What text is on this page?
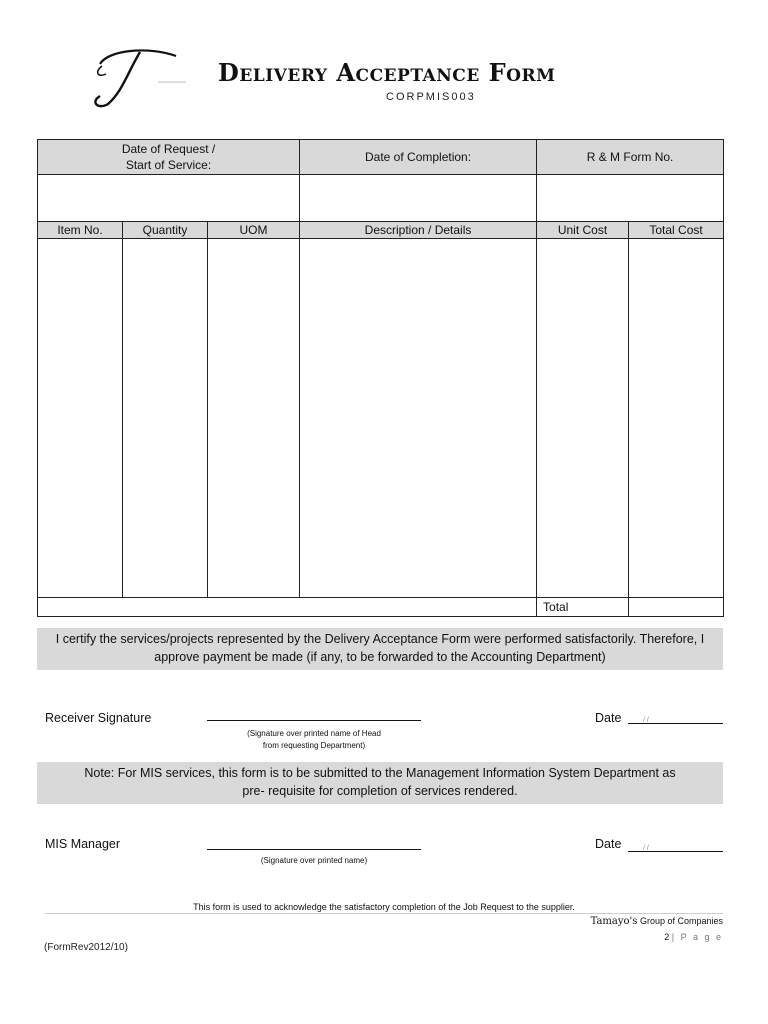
Delivery Acceptance Form
CORPMIS003
Date of Request /
Start of Service:			Date of Completion:	R & M Form No.	

Item No.	Quantity	UOM	Description / Details	Unit Cost	Total Cost

				Total	
I certify the services/projects represented by the Delivery Acceptance Form were performed satisfactorily. Therefore, I
approve payment be made (if any, to be forwarded to the Accounting Department)
Receiver Signature
(Signature over printed name of Head
from requesting Department)
Date	/ /
Note: For MIS services, this form is to be submitted to the Management Information System Department as
pre- requisite for completion of services rendered.
MIS Manager
(Signature over printed name)
Date	/ /
This form is used to acknowledge the satisfactory completion of the Job Request to the supplier.
Tamayo's Group of Companies
2 | P a g e
(FormRev2012/10)
